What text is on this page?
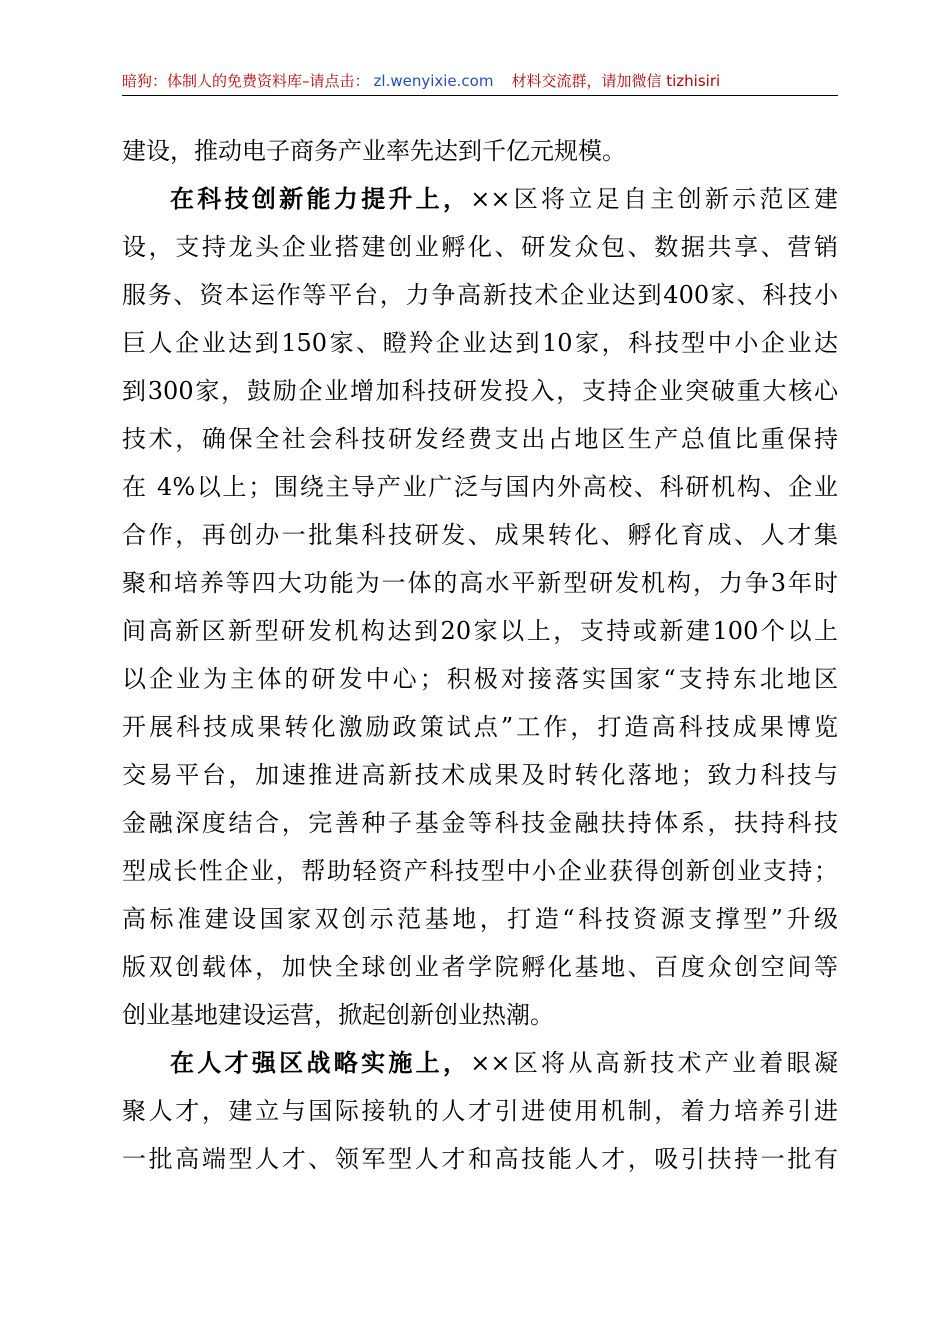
暗狗：体制人的免费资料库–请点击： zl.wenyixie.com 材料交流群，请加微信 tizhisiri
建设，推动电子商务产业率先达到千亿元规模。
在科技创新能力提升上，××区将立足自主创新示范区建
设，支持龙头企业搭建创业孵化、研发众包、数据共享、营销
服务、资本运作等平台，力争高新技术企业达到400家、科技小
巨人企业达到150家、瞪羚企业达到10家，科技型中小企业达
到300家，鼓励企业增加科技研发投入，支持企业突破重大核心
技术，确保全社会科技研发经费支出占地区生产总值比重保持
在 4%以上；围绕主导产业广泛与国内外高校、科研机构、企业
合作，再创办一批集科技研发、成果转化、孵化育成、人才集
聚和培养等四大功能为一体的高水平新型研发机构，力争3年时
间高新区新型研发机构达到20家以上，支持或新建100个以上
以企业为主体的研发中心；积极对接落实国家“支持东北地区
开展科技成果转化激励政策试点”工作，打造高科技成果博览
交易平台，加速推进高新技术成果及时转化落地；致力科技与
金融深度结合，完善种子基金等科技金融扶持体系，扶持科技
型成长性企业，帮助轻资产科技型中小企业获得创新创业支持；
高标准建设国家双创示范基地，打造“科技资源支撑型”升级
版双创载体，加快全球创业者学院孵化基地、百度众创空间等
创业基地建设运营，掀起创新创业热潮。
在人才强区战略实施上，××区将从高新技术产业着眼凝
聚人才，建立与国际接轨的人才引进使用机制，着力培养引进
一批高端型人才、领军型人才和高技能人才，吸引扶持一批有
